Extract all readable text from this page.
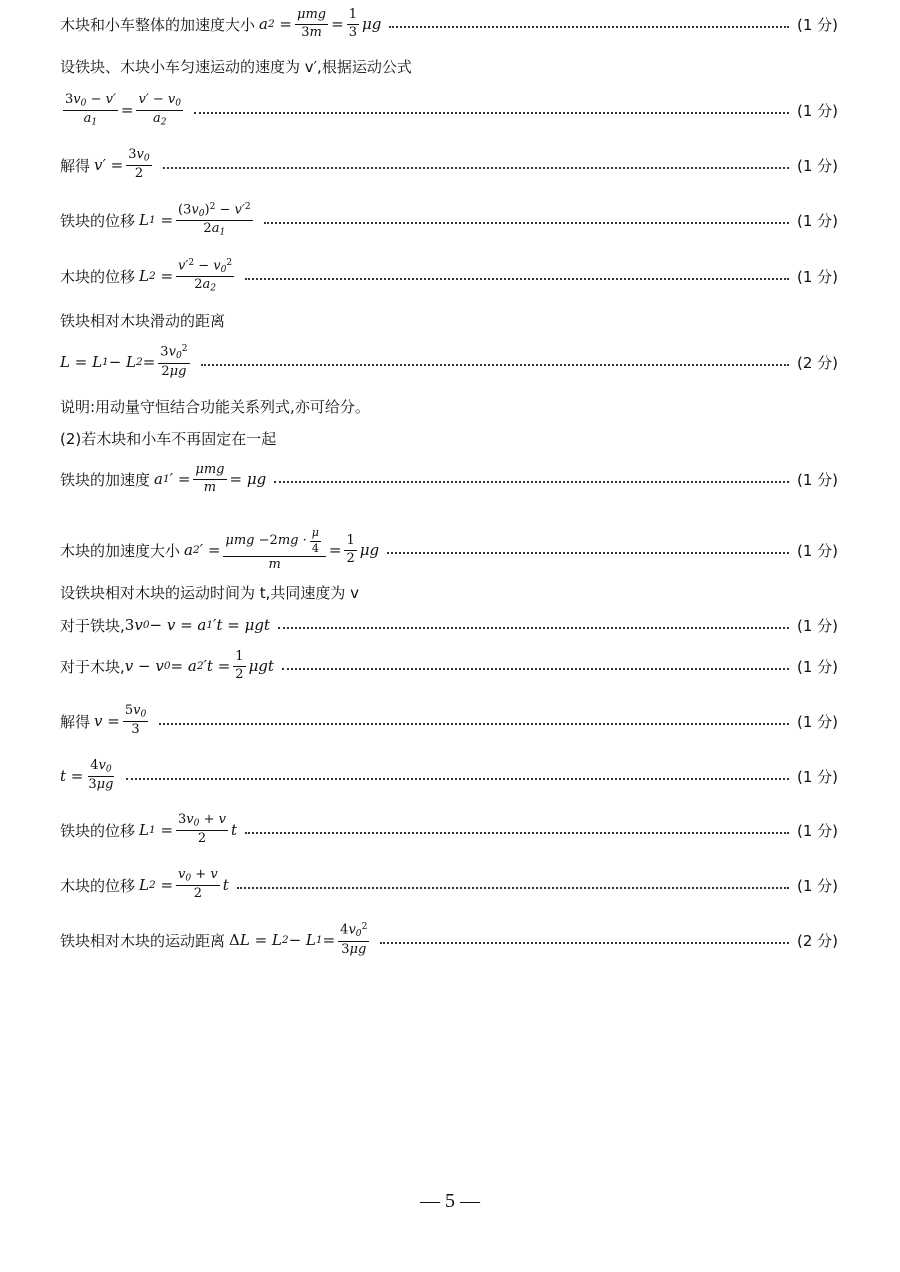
木块和小车整体的加速度大小 a $2 = \frac{\text{μmg}}{3m} = \frac{1}{3}$ μg	(1 分)
设铁块、木块小车匀速运动的速度为 v′,根据运动公式
$\frac{3v_0 - v'}{a_1} = \frac{v' - v_0}{a_2}$	(1 分)
解得 $v' = \frac{3v_0}{2}$	(1 分)
铁块的位移 L $1 = \frac{(3v_0)^2 - v'^2}{2a_1}$	(1 分)
木块的位移 L $2 = \frac{v'^2 - v_0^2}{2a_2}$	(1 分)
铁块相对木块滑动的距离
L = L 1 − L $2 = \frac{3v_0^2}{2\mu g}$	(2 分)
说明:用动量守恒结合功能关系列式,亦可给分。
(2)若木块和小车不再固定在一起
铁块的加速度 a 1 ′ = $\frac{\text{μmg}}{m} = \mu g$	(1 分)
木块的加速度大小 a 2 ′ = $\frac{\mu mg - 2 mg \cdot \frac{\mu}{4}}{m} = \frac{1}{2}$ μg	(1 分)
设铁块相对木块的运动时间为 t,共同速度为 v
对于铁块, 3 v 0 − v = a 1 ′t = μgt	(1 分)
对于木块, v − v 0 = a 2 $'t = \frac{1}{2}$ μgt	(1 分)
解得 $v = \frac{5v_0}{3}$	(1 分)
$t = \frac{4v_0}{3\mu g}$	(1 分)
铁块的位移 L $1 = \frac{3v_0 + v}{2}$ t	(1 分)
木块的位移 L $2 = \frac{v_0 + v}{2}$ t	(1 分)
铁块相对木块的运动距离 Δ L = L 2 − L $1 = \frac{4v_0^2}{3\mu g}$	(2 分)
— 5 —
